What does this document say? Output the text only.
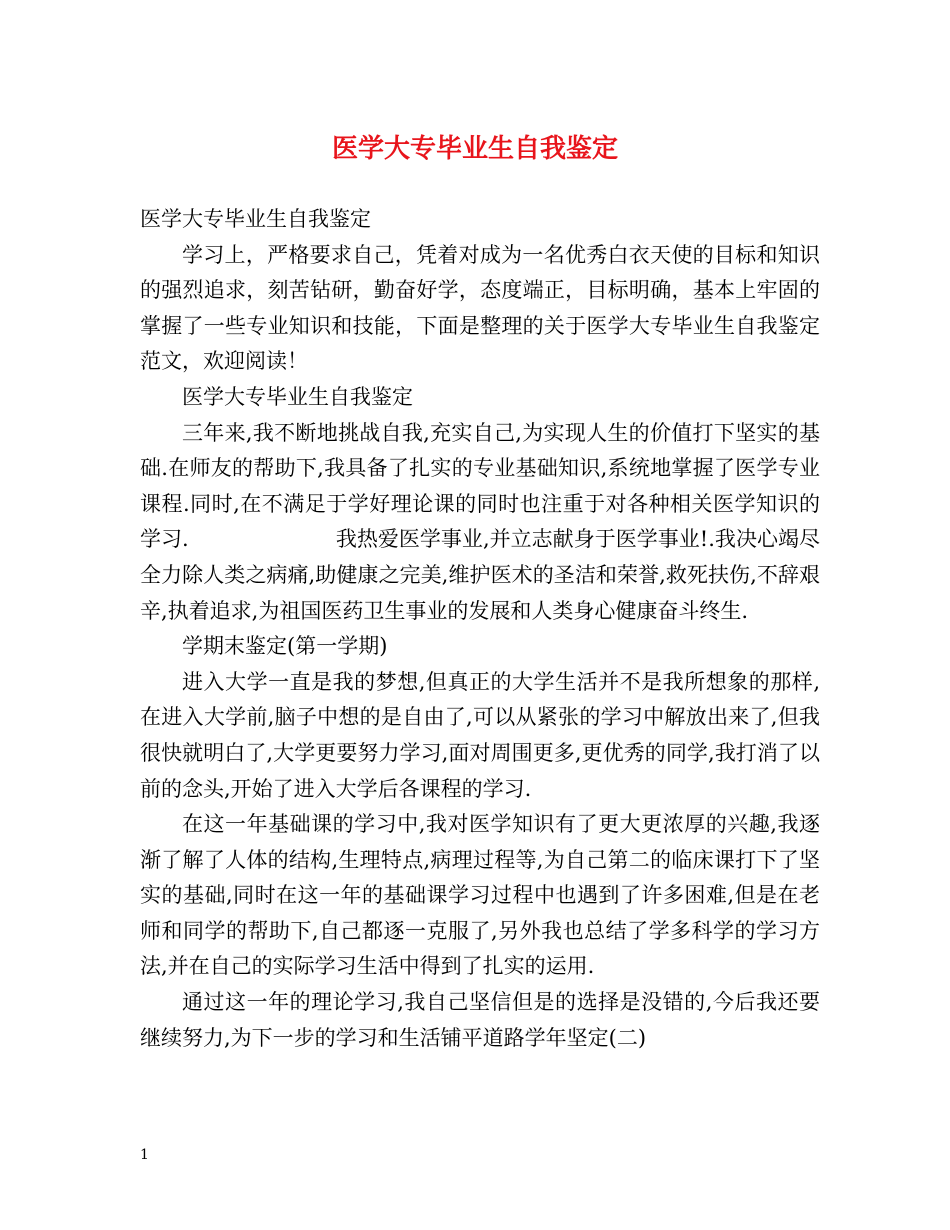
医学大专毕业生自我鉴定

医学大专毕业生自我鉴定

学习上，严格要求自己，凭着对成为一名优秀白衣天使的目标和知识的强烈追求，刻苦钻研，勤奋好学，态度端正，目标明确，基本上牢固的掌握了一些专业知识和技能，下面是整理的关于医学大专毕业生自我鉴定范文，欢迎阅读！

医学大专毕业生自我鉴定

三年来,我不断地挑战自我,充实自己,为实现人生的价值打下坚实的基础.在师友的帮助下,我具备了扎实的专业基础知识,系统地掌握了医学专业课程.同时,在不满足于学好理论课的同时也注重于对各种相关医学知识的学习.　　　　　　　我热爱医学事业,并立志献身于医学事业!.我决心竭尽全力除人类之病痛,助健康之完美,维护医术的圣洁和荣誉,救死扶伤,不辞艰辛,执着追求,为祖国医药卫生事业的发展和人类身心健康奋斗终生.

学期末鉴定(第一学期)

进入大学一直是我的梦想,但真正的大学生活并不是我所想象的那样,在进入大学前,脑子中想的是自由了,可以从紧张的学习中解放出来了,但我很快就明白了,大学更要努力学习,面对周围更多,更优秀的同学,我打消了以前的念头,开始了进入大学后各课程的学习.

在这一年基础课的学习中,我对医学知识有了更大更浓厚的兴趣,我逐渐了解了人体的结构,生理特点,病理过程等,为自己第二的临床课打下了坚实的基础,同时在这一年的基础课学习过程中也遇到了许多困难,但是在老师和同学的帮助下,自己都逐一克服了,另外我也总结了学多科学的学习方法,并在自己的实际学习生活中得到了扎实的运用.

通过这一年的理论学习,我自己坚信但是的选择是没错的,今后我还要继续努力,为下一步的学习和生活铺平道路学年坚定(二)

1
